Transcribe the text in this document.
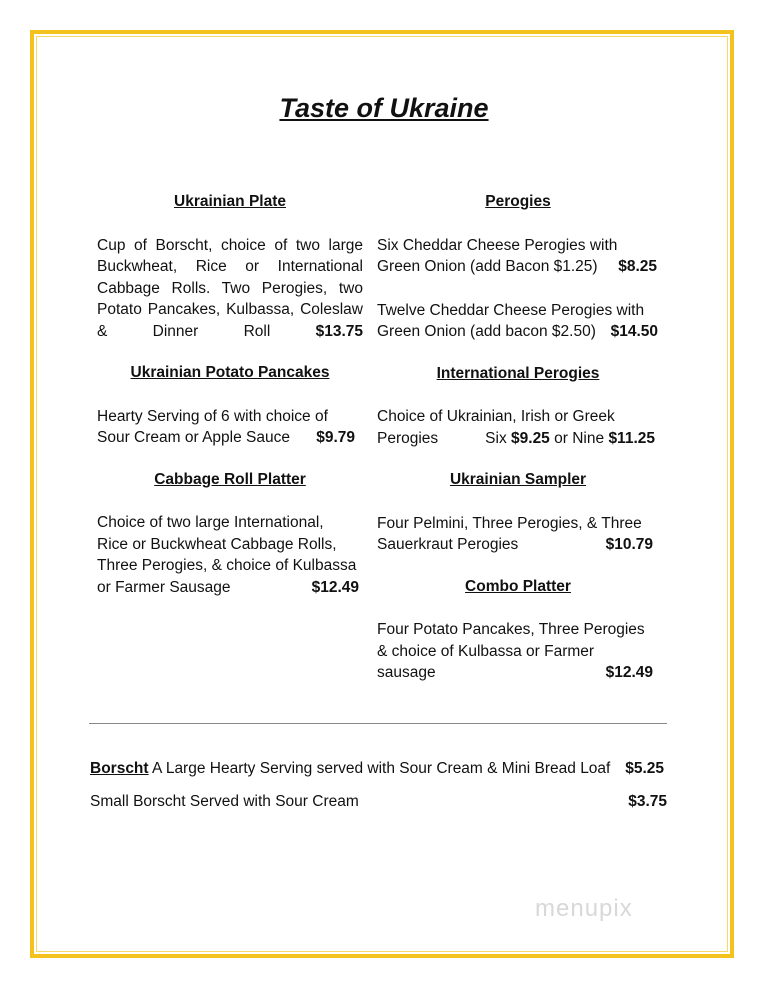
Taste of Ukraine
Ukrainian Plate
Cup of Borscht, choice of two large Buckwheat, Rice or International Cabbage Rolls. Two Perogies, two Potato Pancakes, Kulbassa, Coleslaw & Dinner Roll	$13.75
Ukrainian Potato Pancakes
Hearty Serving of 6 with choice of
Sour Cream or Apple Sauce $9.79
Cabbage Roll Platter
Choice of two large International,
Rice or Buckwheat Cabbage Rolls,
Three Perogies, & choice of Kulbassa
or Farmer Sausage	$12.49
Perogies
Six Cheddar Cheese Perogies with
Green Onion (add Bacon $1.25) $8.25
Twelve Cheddar Cheese Perogies with
Green Onion (add bacon $2.50) $14.50
International Perogies
Choice of Ukrainian, Irish or Greek
Perogies	Six $9.25 or Nine $11.25
Ukrainian Sampler
Four Pelmini, Three Perogies, & Three
Sauerkraut Perogies	$10.79
Combo Platter
Four Potato Pancakes, Three Perogies
& choice of Kulbassa or Farmer
sausage	$12.49
Borscht A Large Hearty Serving served with Sour Cream & Mini Bread Loaf $5.25
Small Borscht Served with Sour Cream	$3.75
menupix
